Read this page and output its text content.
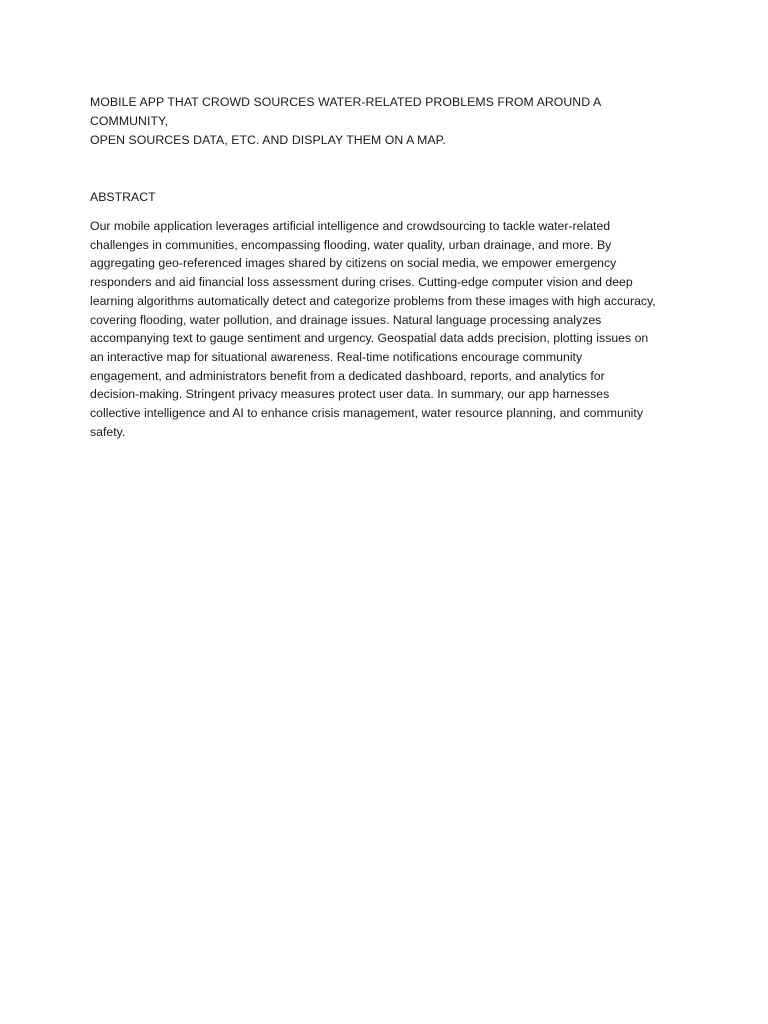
MOBILE APP THAT CROWD SOURCES WATER-RELATED PROBLEMS FROM AROUND A COMMUNITY,
OPEN SOURCES DATA, ETC. AND DISPLAY THEM ON A MAP.
ABSTRACT

Our mobile application leverages artificial intelligence and crowdsourcing to tackle water-related
challenges in communities, encompassing flooding, water quality, urban drainage, and more. By
aggregating geo-referenced images shared by citizens on social media, we empower emergency
responders and aid financial loss assessment during crises. Cutting-edge computer vision and deep
learning algorithms automatically detect and categorize problems from these images with high accuracy,
covering flooding, water pollution, and drainage issues. Natural language processing analyzes
accompanying text to gauge sentiment and urgency. Geospatial data adds precision, plotting issues on
an interactive map for situational awareness. Real-time notifications encourage community
engagement, and administrators benefit from a dedicated dashboard, reports, and analytics for
decision-making. Stringent privacy measures protect user data. In summary, our app harnesses
collective intelligence and AI to enhance crisis management, water resource planning, and community
safety.
